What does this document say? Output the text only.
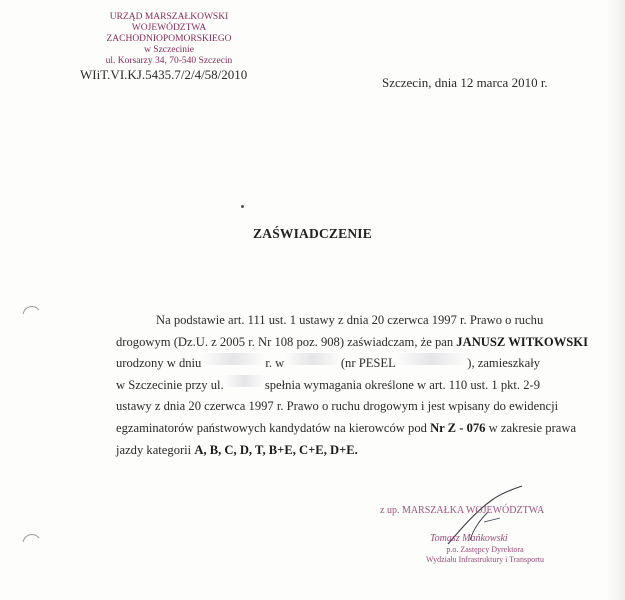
URZĄD MARSZAŁKOWSKI
WOJEWÓDZTWA ZACHODNIOPOMORSKIEGO
w Szczecinie
ul. Korsarzy 34, 70-540 Szczecin
WIiT.VI.KJ.5435.7/2/4/58/2010
Szczecin, dnia 12 marca 2010 r.
ZAŚWIADCZENIE
Na podstawie art. 111 ust. 1 ustawy z dnia 20 czerwca 1997 r. Prawo o ruchu
drogowym (Dz.U. z 2005 r. Nr 108 poz. 908) zaświadczam, że pan
JANUSZ WITKOWSKI
urodzony w dniu	r. w	(nr PESEL	), zamieszkały
w Szczecinie przy ul.	spełnia wymagania określone w art. 110 ust. 1 pkt. 2-9
ustawy z dnia 20 czerwca 1997 r. Prawo o ruchu drogowym i jest wpisany do ewidencji
egzaminatorów państwowych kandydatów na kierowców pod
Nr Z - 076
w zakresie prawa
jazdy kategorii
A, B, C, D, T, B+E, C+E, D+E.
z up. MARSZAŁKA WOJEWÓDZTWA
Tomasz Mańkowski
p.o. Zastępcy Dyrektora
Wydziału Infrastruktury i Transportu
